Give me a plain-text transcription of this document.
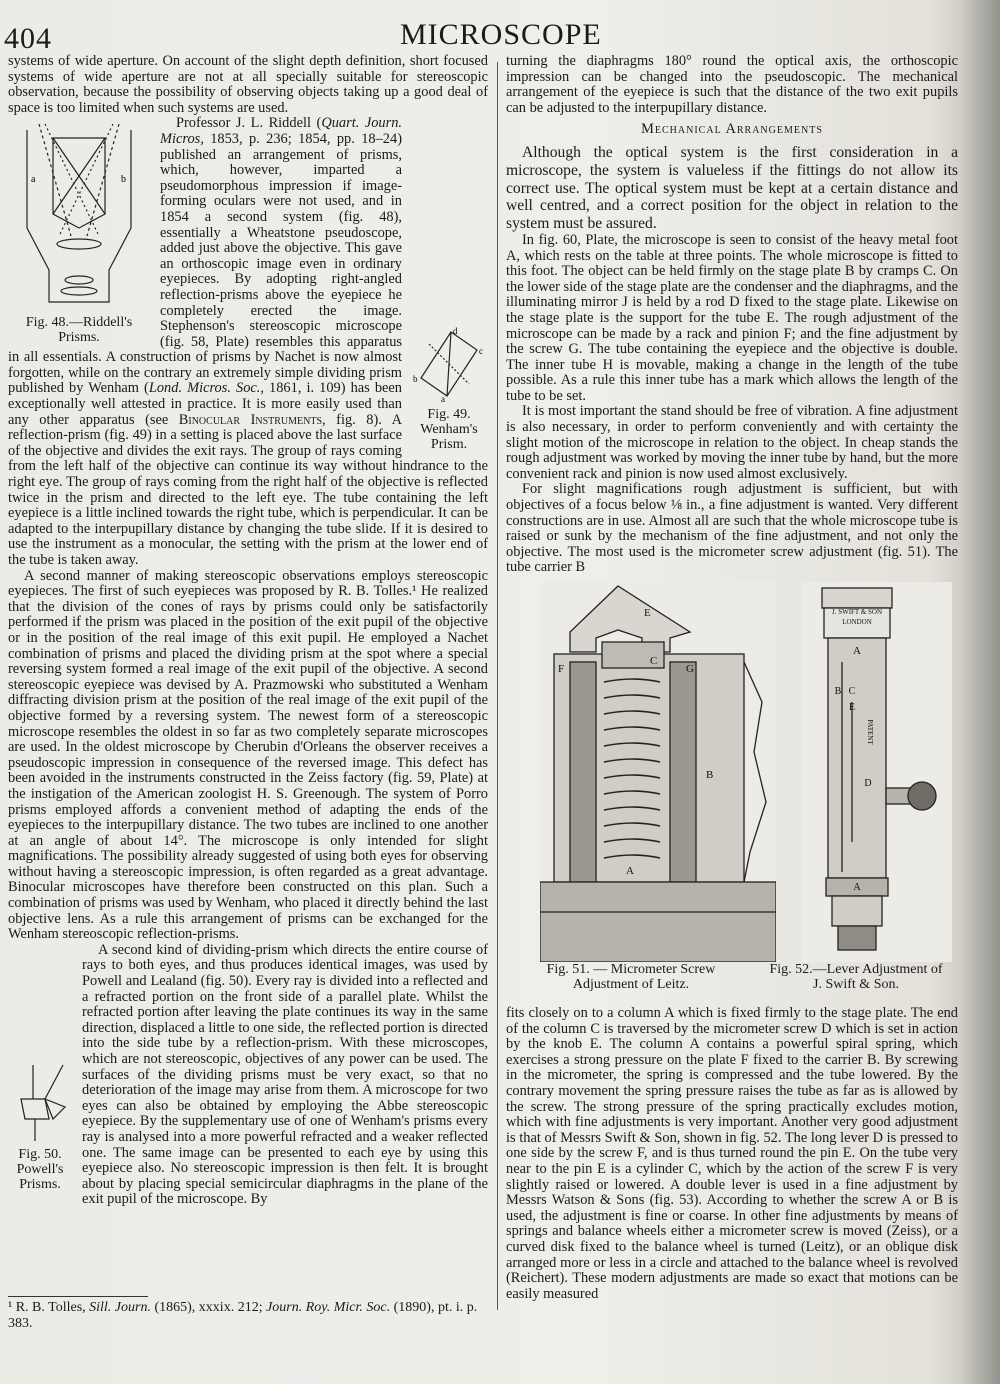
404	MICROSCOPE

systems of wide aperture. On account of the slight depth definition, short focused systems of wide aperture are not at all specially suitable for stereoscopic observation, because the possibility of observing objects taking up a good deal of space is too limited when such systems are used.

a	b
Fig. 48.—Riddell's Prisms.	d
c
b
a
Fig. 49.
Wenham's Prism.

Professor J. L. Riddell (Quart. Journ. Micros, 1853, p. 236; 1854, pp. 18–24) published an arrangement of prisms, which, however, imparted a pseudomorphous impression if image-forming oculars were not used, and in 1854 a second system (fig. 48), essentially a Wheatstone pseudoscope, added just above the objective. This gave an orthoscopic image even in ordinary eyepieces. By adopting right-angled reflection-prisms above the eyepiece he completely erected the image. Stephenson's stereoscopic microscope (fig. 58, Plate) resembles this apparatus in all essentials. A construction of prisms by Nachet is now almost forgotten, while on the contrary an extremely simple dividing prism published by Wenham (Lond. Micros. Soc., 1861, i. 109) has been exceptionally well attested in practice. It is more easily used than any other apparatus (see Binocular Instruments, fig. 8). A reflection-prism (fig. 49) in a setting is placed above the last surface of the objective and divides the exit rays. The group of rays coming from the left half of the objective can continue its way without hindrance to the right eye. The group of rays coming from the right half of the objective is reflected twice in the prism and directed to the left eye. The tube containing the left eyepiece is a little inclined towards the right tube, which is perpendicular. It can be adapted to the interpupillary distance by changing the tube slide. If it is desired to use the instrument as a monocular, the setting with the prism at the lower end of the tube is taken away.

A second manner of making stereoscopic observations employs stereoscopic eyepieces. The first of such eyepieces was proposed by R. B. Tolles.¹ He realized that the division of the cones of rays by prisms could only be satisfactorily performed if the prism was placed in the position of the exit pupil of the objective or in the position of the real image of this exit pupil. He employed a Nachet combination of prisms and placed the dividing prism at the spot where a special reversing system formed a real image of the exit pupil of the objective. A second stereoscopic eyepiece was devised by A. Prazmowski who substituted a Wenham diffracting division prism at the position of the real image of the exit pupil of the objective formed by a reversing system. The newest form of a stereoscopic microscope resembles the oldest in so far as two completely separate microscopes are used. In the oldest microscope by Cherubin d'Orleans the observer receives a pseudoscopic impression in consequence of the reversed image. This defect has been avoided in the instruments constructed in the Zeiss factory (fig. 59, Plate) at the instigation of the American zoologist H. S. Greenough. The system of Porro prisms employed affords a convenient method of adapting the ends of the eyepieces to the interpupillary distance. The two tubes are inclined to one another at an angle of about 14°. The microscope is only intended for slight magnifications. The possibility already suggested of using both eyes for observing without having a stereoscopic impression, is often regarded as a great advantage. Binocular microscopes have therefore been constructed on this plan. Such a combination of prisms was used by Wenham, who placed it directly behind the last objective lens. As a rule this arrangement of prisms can be exchanged for the Wenham stereoscopic reflection-prisms.

Fig. 50.
Powell's Prisms.

A second kind of dividing-prism which directs the entire course of rays to both eyes, and thus produces identical images, was used by Powell and Lealand (fig. 50). Every ray is divided into a reflected and a refracted portion on the front side of a parallel plate. Whilst the refracted portion after leaving the plate continues its way in the same direction, displaced a little to one side, the reflected portion is directed into the side tube by a reflection-prism. With these microscopes, which are not stereoscopic, objectives of any power can be used. The surfaces of the dividing prisms must be very exact, so that no deterioration of the image may arise from them. A microscope for two eyes can also be obtained by employing the Abbe stereoscopic eyepiece. By the supplementary use of one of Wenham's prisms every ray is analysed into a more powerful refracted and a weaker reflected one. The same image can be presented to each eye by using this eyepiece also. No stereoscopic impression is then felt. It is brought about by placing special semicircular diaphragms in the plane of the exit pupil of the microscope. By

¹ R. B. Tolles, Sill. Journ. (1865), xxxix. 212; Journ. Roy. Micr. Soc. (1890), pt. i. p. 383.

turning the diaphragms 180° round the optical axis, the orthoscopic impression can be changed into the pseudoscopic. The mechanical arrangement of the eyepiece is such that the distance of the two exit pupils can be adjusted to the interpupillary distance.

Mechanical Arrangements

Although the optical system is the first consideration in a microscope, the system is valueless if the fittings do not allow its correct use. The optical system must be kept at a certain distance and well centred, and a correct position for the object in relation to the system must be assured.

In fig. 60, Plate, the microscope is seen to consist of the heavy metal foot A, which rests on the table at three points. The whole microscope is fitted to this foot. The object can be held firmly on the stage plate B by cramps C. On the lower side of the stage plate are the condenser and the diaphragms, and the illuminating mirror J is held by a rod D fixed to the stage plate. Likewise on the stage plate is the support for the tube E. The rough adjustment of the microscope can be made by a rack and pinion F; and the fine adjustment by the screw G. The tube containing the eyepiece and the objective is double. The inner tube H is movable, making a change in the length of the tube possible. As a rule this inner tube has a mark which allows the length of the tube to be set.

It is most important the stand should be free of vibration. A fine adjustment is also necessary, in order to perform conveniently and with certainty the slight motion of the microscope in relation to the object. In cheap stands the rough adjustment was worked by moving the inner tube by hand, but the more convenient rack and pinion is now used almost exclusively.

For slight magnifications rough adjustment is sufficient, but with objectives of a focus below ⅛ in., a fine adjustment is wanted. Very different constructions are in use. Almost all are such that the whole microscope tube is raised or sunk by the mechanism of the fine adjustment, and not only the objective. The most used is the micrometer screw adjustment (fig. 51). The tube carrier B

E
C
F	G
B
A
J. SWIFT & SON
LONDON
A
B C
E
D
A
PATENT
Fig. 51. — Micrometer Screw
Adjustment of Leitz.
Fig. 52.—Lever Adjustment of
J. Swift & Son.

fits closely on to a column A which is fixed firmly to the stage plate. The end of the column C is traversed by the micrometer screw D which is set in action by the knob E. The column A contains a powerful spiral spring, which exercises a strong pressure on the plate F fixed to the carrier B. By screwing in the micrometer, the spring is compressed and the tube lowered. By the contrary movement the spring pressure raises the tube as far as is allowed by the screw. The strong pressure of the spring practically excludes motion, which with fine adjustments is very important. Another very good adjustment is that of Messrs Swift & Son, shown in fig. 52. The long lever D is pressed to one side by the screw F, and is thus turned round the pin E. On the tube very near to the pin E is a cylinder C, which by the action of the screw F is very slightly raised or lowered. A double lever is used in a fine adjustment by Messrs Watson & Sons (fig. 53). According to whether the screw A or B is used, the adjustment is fine or coarse. In other fine adjustments by means of springs and balance wheels either a micrometer screw is moved (Zeiss), or a curved disk fixed to the balance wheel is turned (Leitz), or an oblique disk arranged more or less in a circle and attached to the balance wheel is revolved (Reichert). These modern adjustments are made so exact that motions can be easily measured
